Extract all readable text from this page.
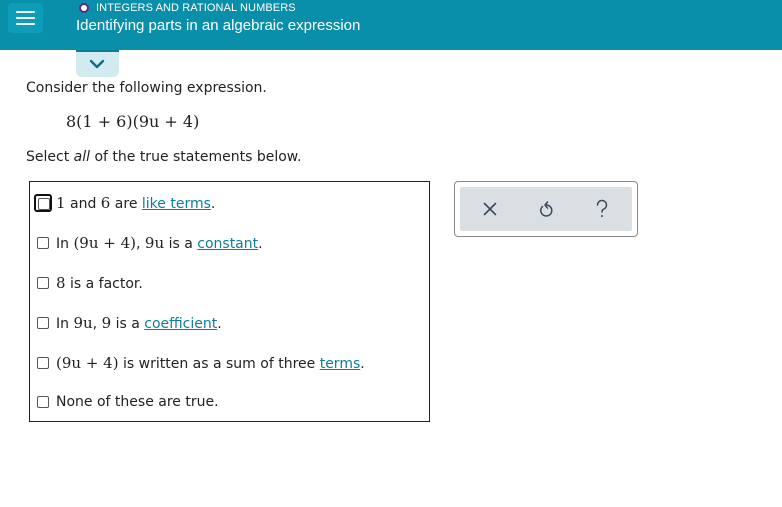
INTEGERS AND RATIONAL NUMBERS
Identifying parts in an algebraic expression
Consider the following expression.
8(1 + 6)(9u + 4)
Select all of the true statements below.
1 and 6 are like terms.
In (9u + 4), 9u is a constant.
8 is a factor.
In 9u, 9 is a coefficient.
(9u + 4) is written as a sum of three terms.
None of these are true.
